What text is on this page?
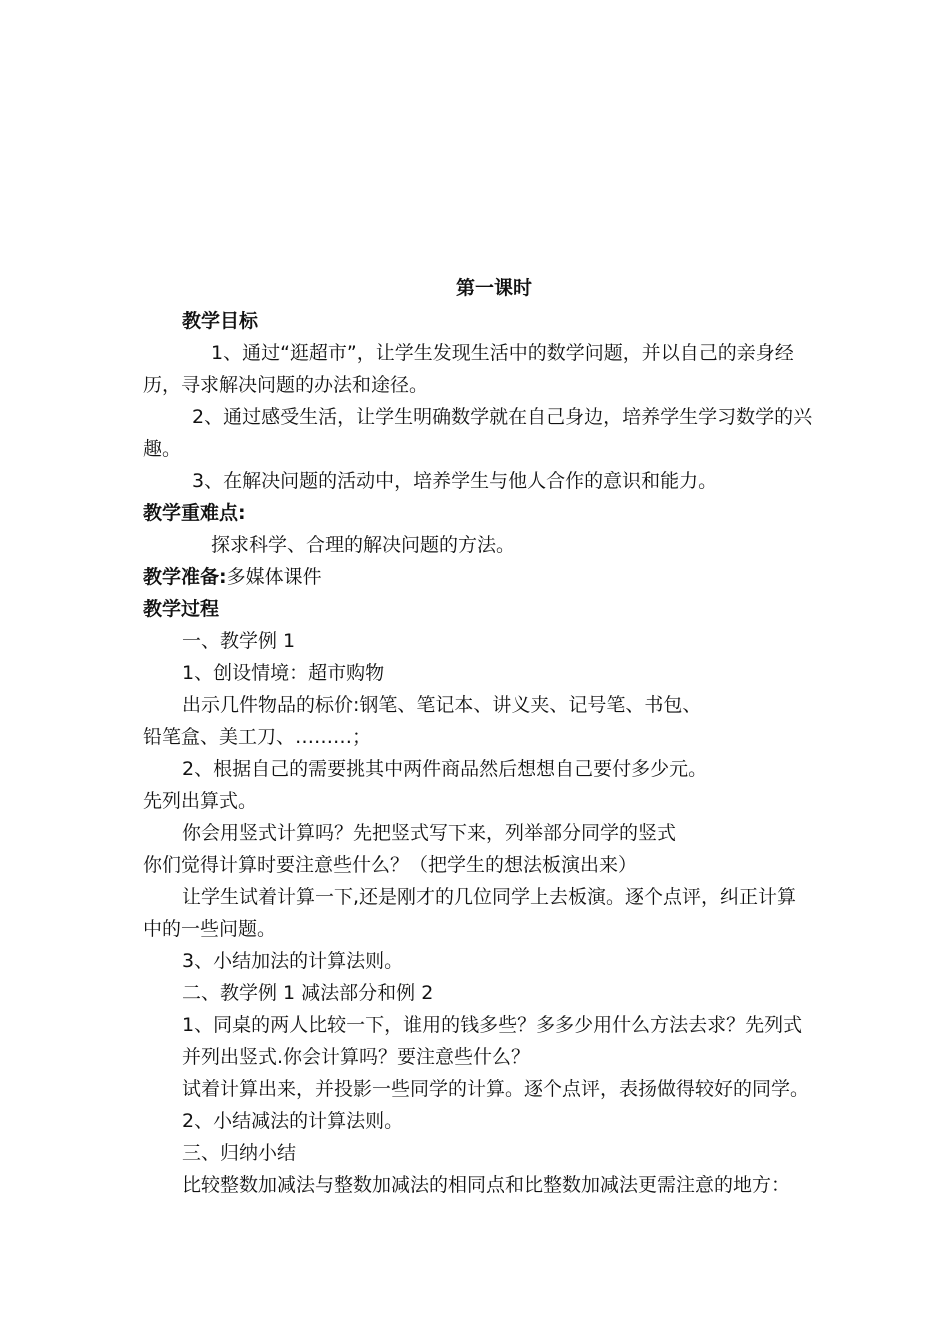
第一课时
教学目标
1、通过“逛超市”，让学生发现生活中的数学问题，并以自己的亲身经
历，寻求解决问题的办法和途径。
2、通过感受生活，让学生明确数学就在自己身边，培养学生学习数学的兴
趣。
3、在解决问题的活动中，培养学生与他人合作的意识和能力。
教学重难点:
探求科学、合理的解决问题的方法。
教学准备:多媒体课件
教学过程
一、教学例 1
1、创设情境：超市购物
出示几件物品的标价:钢笔、笔记本、讲义夹、记号笔、书包、
铅笔盒、美工刀、………；
2、根据自己的需要挑其中两件商品然后想想自己要付多少元。
先列出算式。
你会用竖式计算吗？先把竖式写下来，列举部分同学的竖式
你们觉得计算时要注意些什么？（把学生的想法板演出来）
让学生试着计算一下,还是刚才的几位同学上去板演。逐个点评，纠正计算
中的一些问题。
3、小结加法的计算法则。
二、教学例 1 减法部分和例 2
1、同桌的两人比较一下，谁用的钱多些？多多少用什么方法去求？先列式
并列出竖式.你会计算吗？要注意些什么？
试着计算出来，并投影一些同学的计算。逐个点评，表扬做得较好的同学。
2、小结减法的计算法则。
三、归纳小结
比较整数加减法与整数加减法的相同点和比整数加减法更需注意的地方：
